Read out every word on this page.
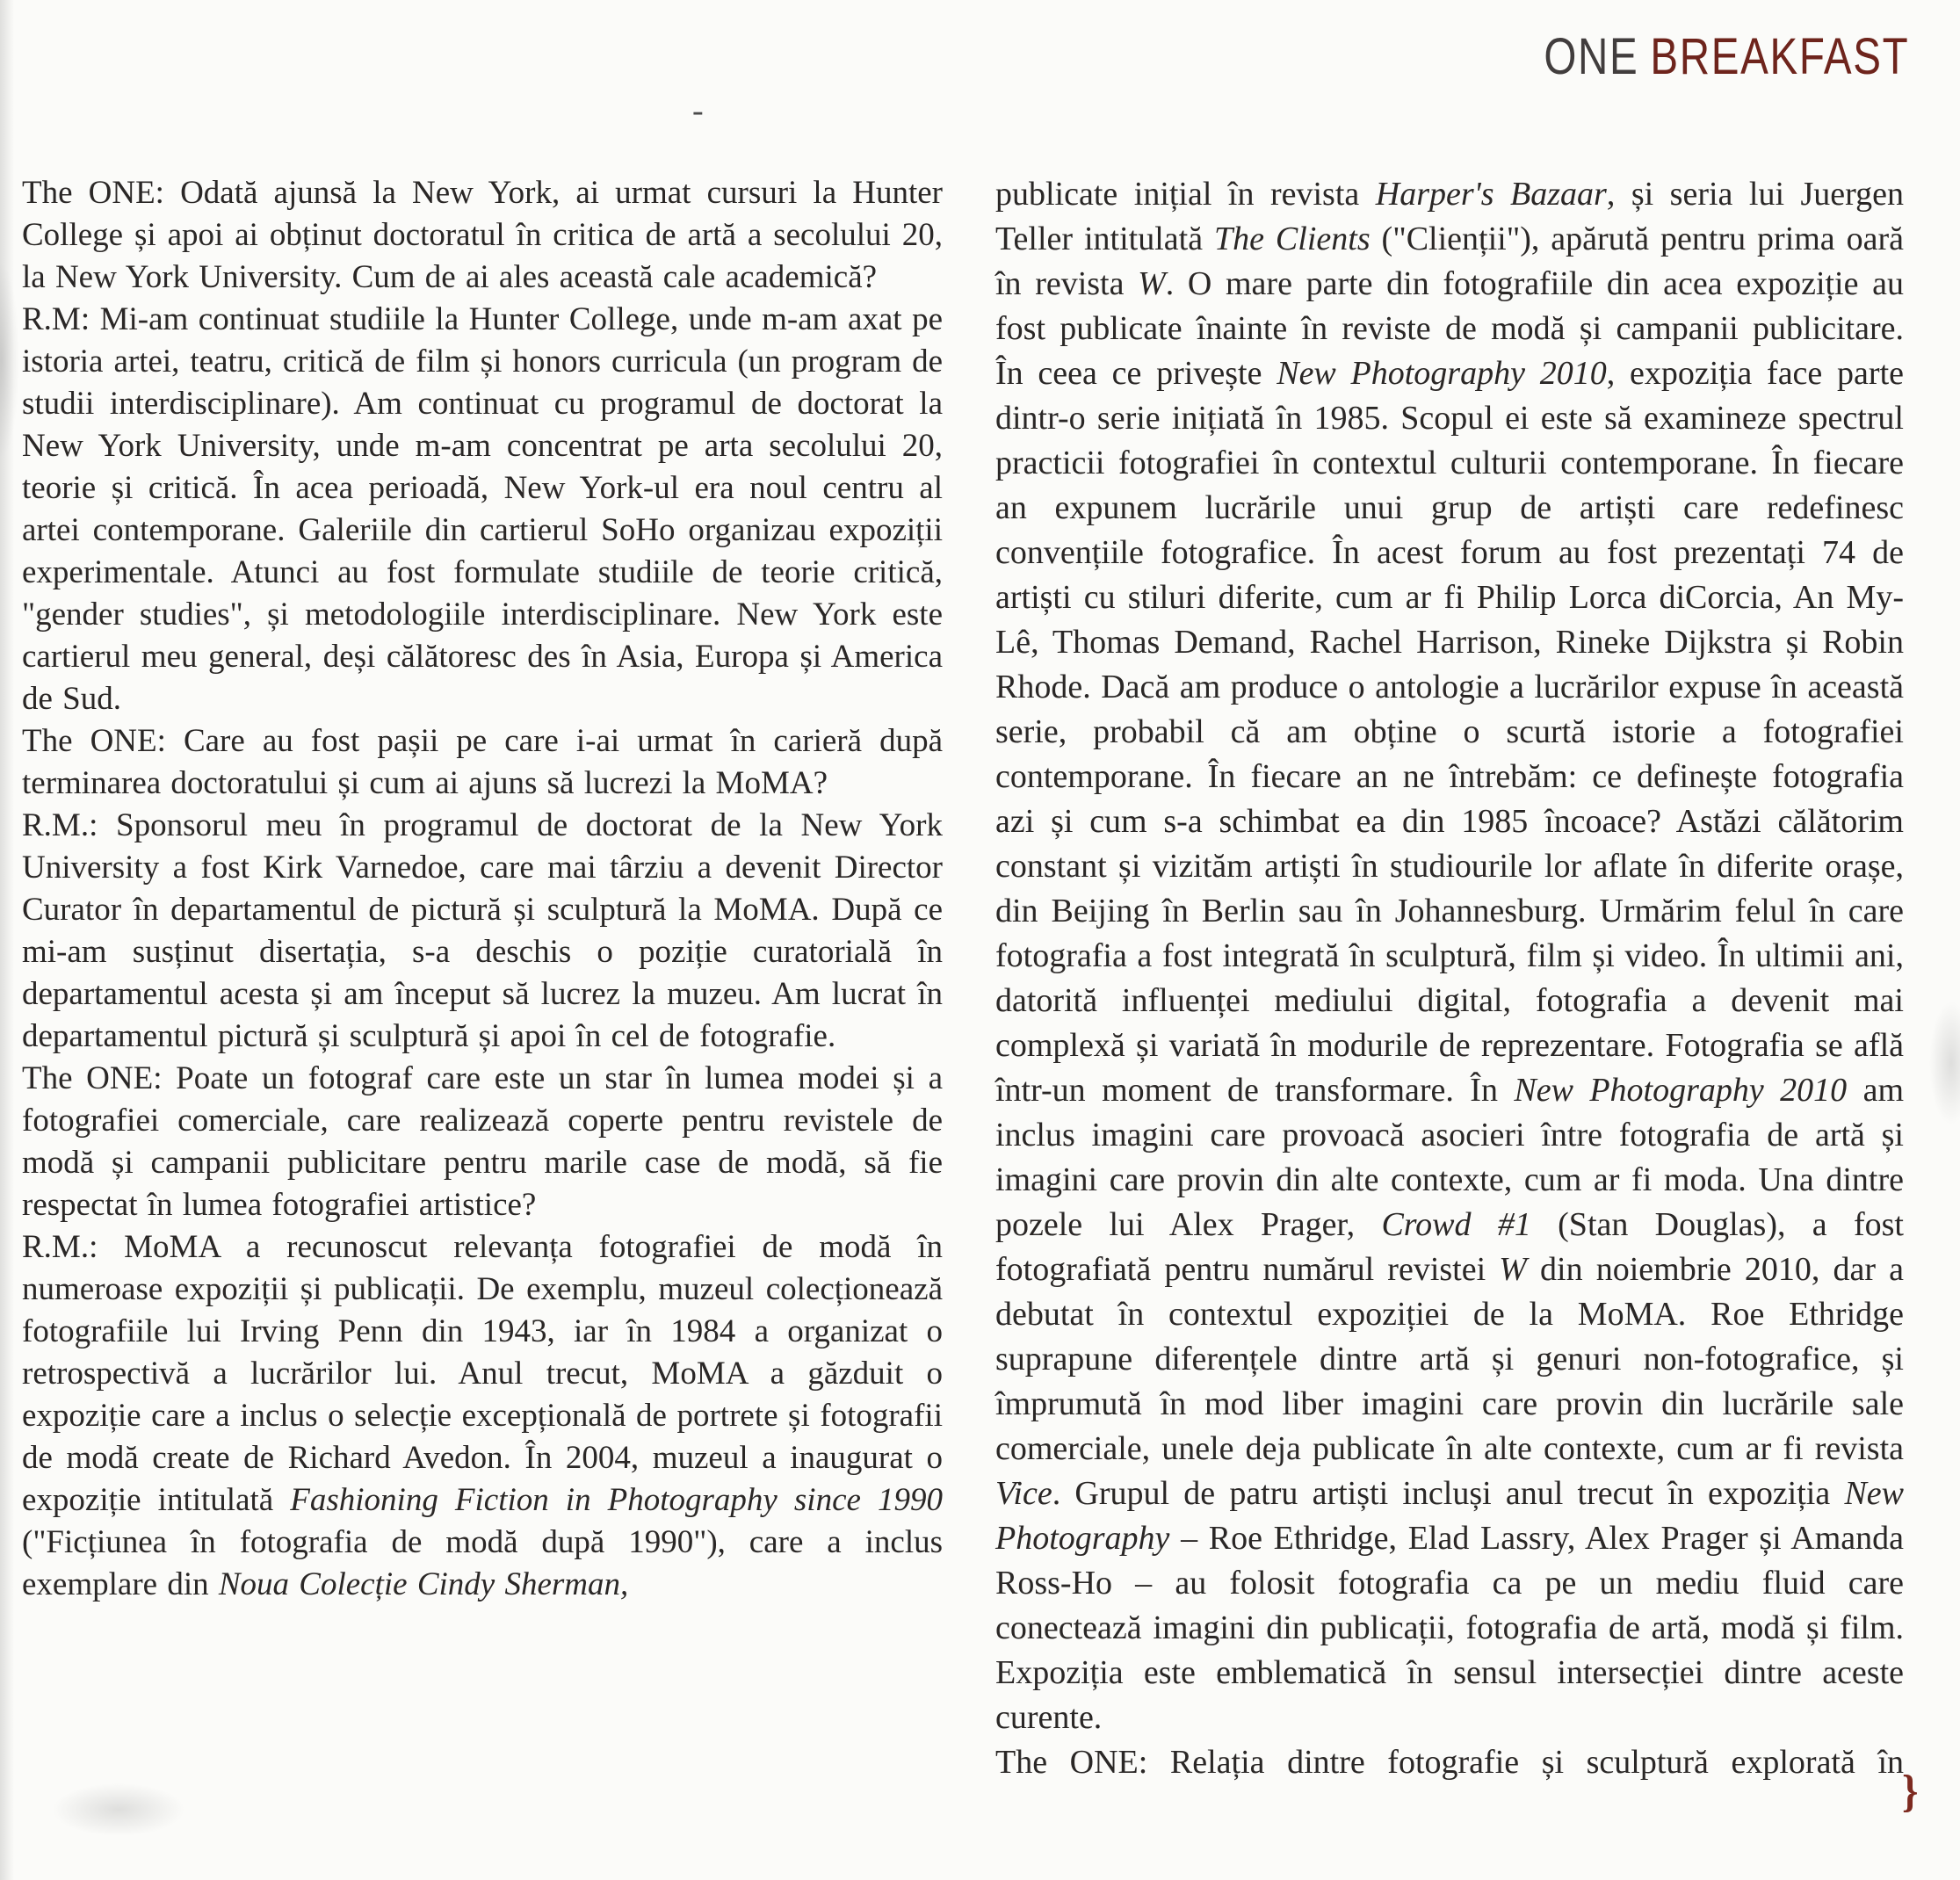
ONE BREAKFAST
-

The ONE: Odată ajunsă la New York, ai urmat cursuri la Hunter College și apoi ai obținut doctoratul în critica de artă a secolului 20, la New York University. Cum de ai ales această cale academică?

R.M: Mi-am continuat studiile la Hunter College, unde m-am axat pe istoria artei, teatru, critică de film și honors curricula (un program de studii interdisciplinare). Am continuat cu programul de doctorat la New York University, unde m-am concentrat pe arta secolului 20, teorie și critică. În acea perioadă, New York-ul era noul centru al artei contemporane. Galeriile din cartierul SoHo organizau expoziții experimentale. Atunci au fost formulate studiile de teorie critică, "gender studies", și metodologiile interdisciplinare. New York este cartierul meu general, deși călătoresc des în Asia, Europa și America de Sud.

The ONE: Care au fost pașii pe care i-ai urmat în carieră după terminarea doctoratului și cum ai ajuns să lucrezi la MoMA?

R.M.: Sponsorul meu în programul de doctorat de la New York University a fost Kirk Varnedoe, care mai târziu a devenit Director Curator în departamentul de pictură și sculptură la MoMA. După ce mi-am susținut disertația, s-a deschis o poziție curatorială în departamentul acesta și am început să lucrez la muzeu. Am lucrat în departamentul pictură și sculptură și apoi în cel de fotografie.

The ONE: Poate un fotograf care este un star în lumea modei și a fotografiei comerciale, care realizează coperte pentru revistele de modă și campanii publicitare pentru marile case de modă, să fie respectat în lumea fotografiei artistice?

R.M.: MoMA a recunoscut relevanța fotografiei de modă în numeroase expoziții și publicații. De exemplu, muzeul colecționează fotografiile lui Irving Penn din 1943, iar în 1984 a organizat o retrospectivă a lucrărilor lui. Anul trecut, MoMA a găzduit o expoziție care a inclus o selecție excepțională de portrete și fotografii de modă create de Richard Avedon. În 2004, muzeul a inaugurat o expoziție intitulată Fashioning Fiction in Photography since 1990 ("Ficțiunea în fotografia de modă după 1990"), care a inclus exemplare din Noua Colecție Cindy Sherman,

publicate inițial în revista Harper's Bazaar, și seria lui Juergen Teller intitulată The Clients ("Clienții"), apărută pentru prima oară în revista W. O mare parte din fotografiile din acea expoziție au fost publicate înainte în reviste de modă și campanii publicitare. În ceea ce privește New Photography 2010, expoziția face parte dintr-o serie inițiată în 1985. Scopul ei este să examineze spectrul practicii fotografiei în contextul culturii contemporane. În fiecare an expunem lucrările unui grup de artiști care redefinesc convențiile fotografice. În acest forum au fost prezentați 74 de artiști cu stiluri diferite, cum ar fi Philip Lorca diCorcia, An My-Lê, Thomas Demand, Rachel Harrison, Rineke Dijkstra și Robin Rhode. Dacă am produce o antologie a lucrărilor expuse în această serie, probabil că am obține o scurtă istorie a fotografiei contemporane. În fiecare an ne întrebăm: ce definește fotografia azi și cum s-a schimbat ea din 1985 încoace? Astăzi călătorim constant și vizităm artiști în studiourile lor aflate în diferite orașe, din Beijing în Berlin sau în Johannesburg. Urmărim felul în care fotografia a fost integrată în sculptură, film și video. În ultimii ani, datorită influenței mediului digital, fotografia a devenit mai complexă și variată în modurile de reprezentare. Fotografia se află într-un moment de transformare. În New Photography 2010 am inclus imagini care provoacă asocieri între fotografia de artă și imagini care provin din alte contexte, cum ar fi moda. Una dintre pozele lui Alex Prager, Crowd #1 (Stan Douglas), a fost fotografiată pentru numărul revistei W din noiembrie 2010, dar a debutat în contextul expoziției de la MoMA. Roe Ethridge suprapune diferențele dintre artă și genuri non-fotografice, și împrumută în mod liber imagini care provin din lucrările sale comerciale, unele deja publicate în alte contexte, cum ar fi revista Vice. Grupul de patru artiști incluși anul trecut în expoziția New Photography – Roe Ethridge, Elad Lassry, Alex Prager și Amanda Ross-Ho – au folosit fotografia ca pe un mediu fluid care conectează imagini din publicații, fotografia de artă, modă și film. Expoziția este emblematică în sensul intersecției dintre aceste curente.

The ONE: Relația dintre fotografie și sculptură explorată în

}
